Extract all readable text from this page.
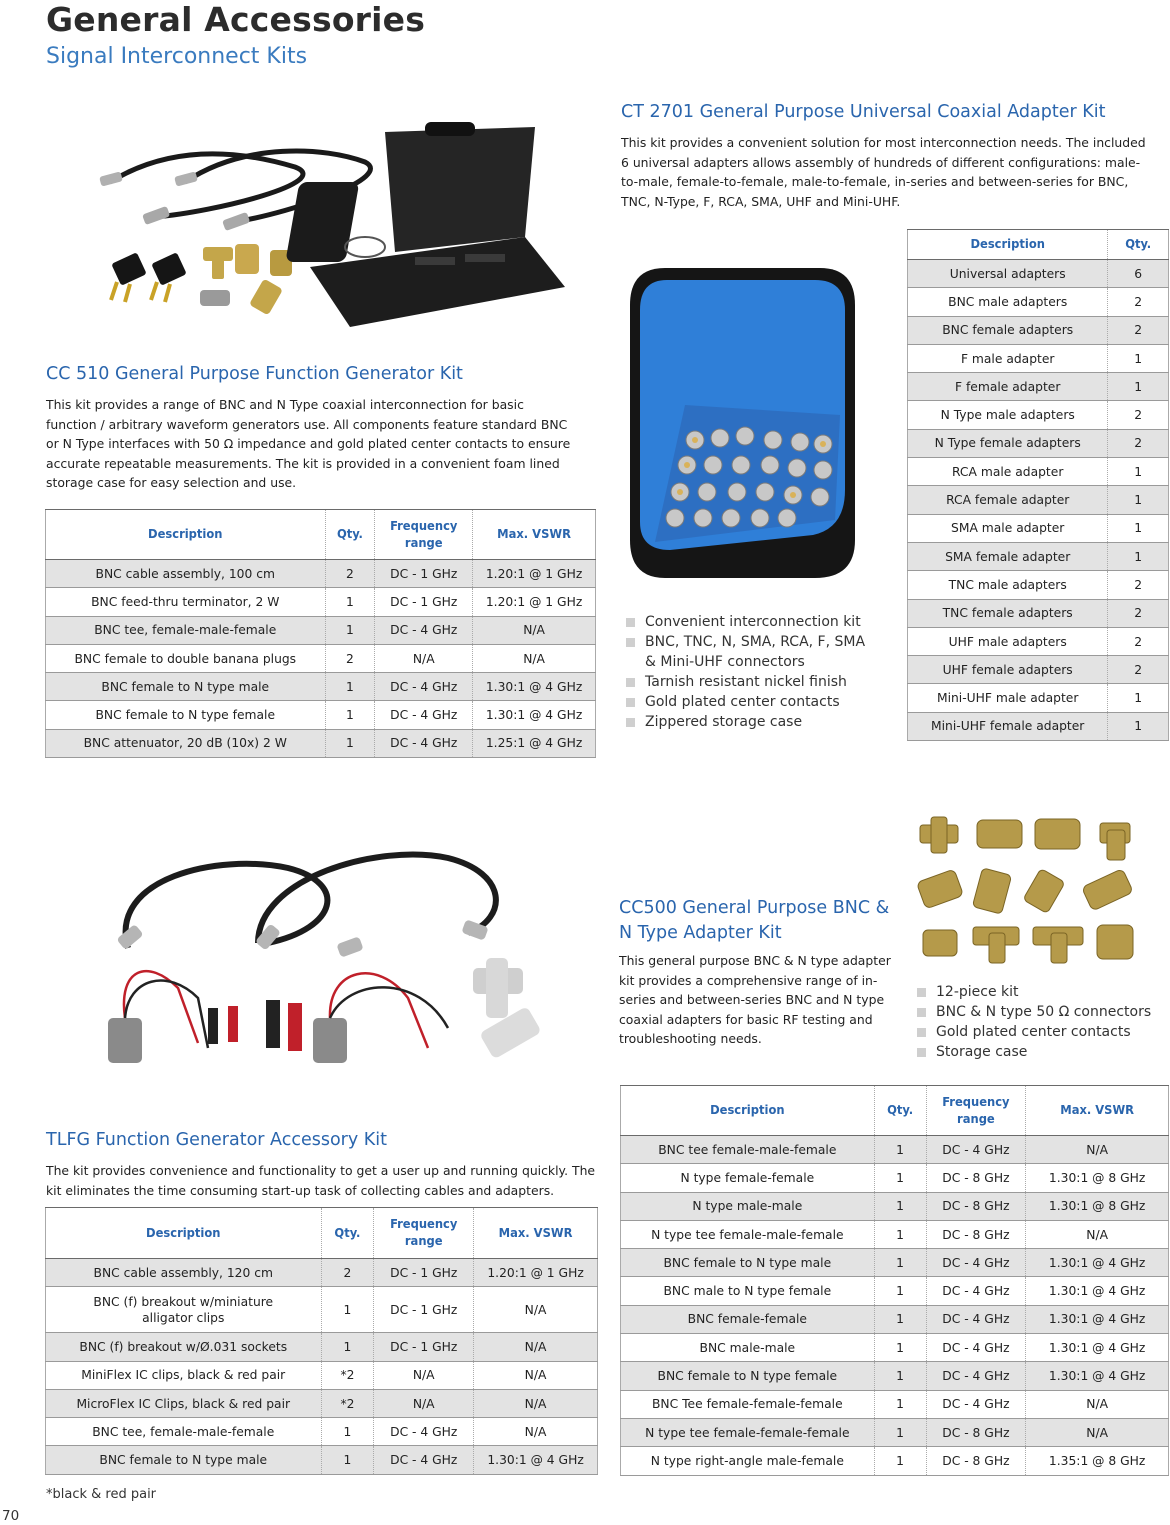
General Accessories
Signal Interconnect Kits
CC 510 General Purpose Function Generator Kit
This kit provides a range of BNC and N Type coaxial interconnection for basic function / arbitrary waveform generators use. All components feature standard BNC or N Type interfaces with 50 Ω impedance and gold plated center contacts to ensure accurate repeatable measurements. The kit is provided in a convenient foam lined storage case for easy selection and use.
Description	Qty.	Frequency range	Max. VSWR
BNC cable assembly, 100 cm	2	DC - 1 GHz	1.20:1 @ 1 GHz
BNC feed-thru terminator, 2 W	1	DC - 1 GHz	1.20:1 @ 1 GHz
BNC tee, female-male-female	1	DC - 4 GHz	N/A
BNC female to double banana plugs	2	N/A	N/A
BNC female to N type male	1	DC - 4 GHz	1.30:1 @ 4 GHz
BNC female to N type female	1	DC - 4 GHz	1.30:1 @ 4 GHz
BNC attenuator, 20 dB (10x) 2 W	1	DC - 4 GHz	1.25:1 @ 4 GHz
CT 2701 General Purpose Universal Coaxial Adapter Kit
This kit provides a convenient solution for most interconnection needs. The included 6 universal adapters allows assembly of hundreds of different configurations: male-to-male, female-to-female, male-to-female, in-series and between-series for BNC, TNC, N-Type, F, RCA, SMA, UHF and Mini-UHF.
Convenient interconnection kit
BNC, TNC, N, SMA, RCA, F, SMA & Mini-UHF connectors
Tarnish resistant nickel finish
Gold plated center contacts
Zippered storage case
Description	Qty.
Universal adapters	6
BNC male adapters	2
BNC female adapters	2
F male adapter	1
F female adapter	1
N Type male adapters	2
N Type female adapters	2
RCA male adapter	1
RCA female adapter	1
SMA male adapter	1
SMA female adapter	1
TNC male adapters	2
TNC female adapters	2
UHF male adapters	2
UHF female adapters	2
Mini-UHF male adapter	1
Mini-UHF female adapter	1
TLFG Function Generator Accessory Kit
The kit provides convenience and functionality to get a user up and running quickly. The kit eliminates the time consuming start-up task of collecting cables and adapters.
Description	Qty.	Frequency range	Max. VSWR
BNC cable assembly, 120 cm	2	DC - 1 GHz	1.20:1 @ 1 GHz
BNC (f) breakout w/miniature alligator clips	1	DC - 1 GHz	N/A
BNC (f) breakout w/Ø.031 sockets	1	DC - 1 GHz	N/A
MiniFlex IC clips, black & red pair	*2	N/A	N/A
MicroFlex IC Clips, black & red pair	*2	N/A	N/A
BNC tee, female-male-female	1	DC - 4 GHz	N/A
BNC female to N type male	1	DC - 4 GHz	1.30:1 @ 4 GHz
CC500 General Purpose BNC &
N Type Adapter Kit
This general purpose BNC & N type adapter kit provides a comprehensive range of in-series and between-series BNC and N type coaxial adapters for basic RF testing and troubleshooting needs.
12-piece kit
BNC & N type 50 Ω connectors
Gold plated center contacts
Storage case
Description	Qty.	Frequency range	Max. VSWR
BNC tee female-male-female	1	DC - 4 GHz	N/A
N type female-female	1	DC - 8 GHz	1.30:1 @ 8 GHz
N type male-male	1	DC - 8 GHz	1.30:1 @ 8 GHz
N type tee female-male-female	1	DC - 8 GHz	N/A
BNC female to N type male	1	DC - 4 GHz	1.30:1 @ 4 GHz
BNC male to N type female	1	DC - 4 GHz	1.30:1 @ 4 GHz
BNC female-female	1	DC - 4 GHz	1.30:1 @ 4 GHz
BNC male-male	1	DC - 4 GHz	1.30:1 @ 4 GHz
BNC female to N type female	1	DC - 4 GHz	1.30:1 @ 4 GHz
BNC Tee female-female-female	1	DC - 4 GHz	N/A
N type tee female-female-female	1	DC - 8 GHz	N/A
N type right-angle male-female	1	DC - 8 GHz	1.35:1 @ 8 GHz
*black & red pair
70
